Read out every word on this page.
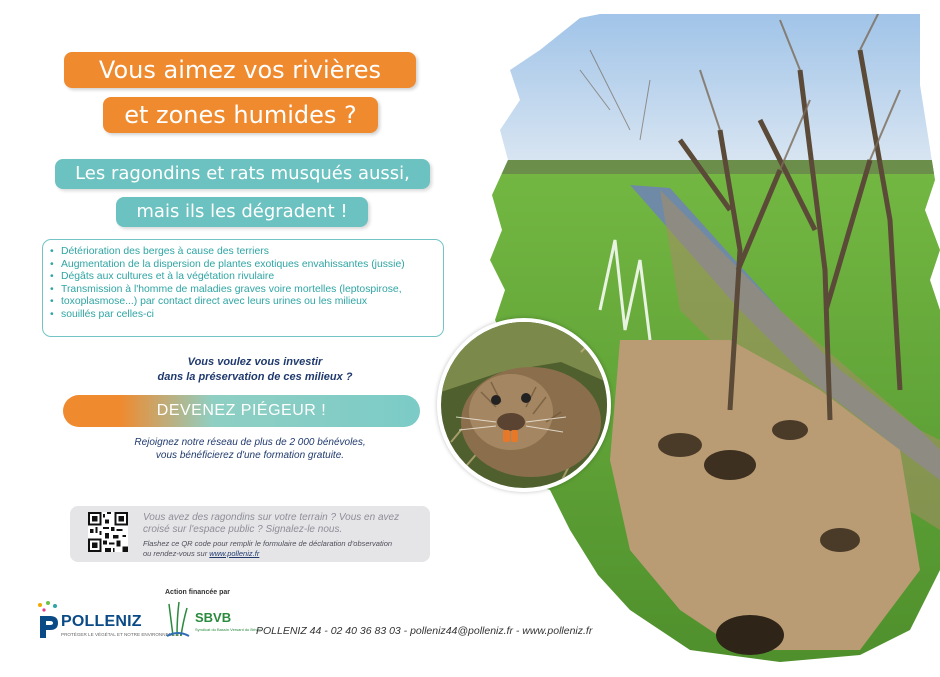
Vous aimez vos rivières
et zones humides ?
Les ragondins et rats musqués aussi,
mais ils les dégradent !
• Détérioration des berges à cause des terriers
• Augmentation de la dispersion de plantes exotiques envahissantes (jussie)
• Dégâts aux cultures et à la végétation rivulaire
• Transmission à l'homme de maladies graves voire mortelles (leptospirose,
• toxoplasmose...) par contact direct avec leurs urines ou les milieux
• souillés par celles-ci
Vous voulez vous investir
dans la préservation de ces milieux ?
DEVENEZ PIÉGEUR !
Rejoignez notre réseau de plus de 2 000 bénévoles,
vous bénéficierez d'une formation gratuite.
Vous avez des ragondins sur votre terrain ? Vous en avez
croisé sur l'espace public ? Signalez-le nous.
Flashez ce QR code pour remplir le formulaire de déclaration d'observation
ou rendez-vous sur www.polleniz.fr
POLLENIZ
PROTÉGER LE VÉGÉTAL ET NOTRE ENVIRONNEMENT
Action financée par
SBVB
Syndicat du Bassin Versant du Brivet
POLLENIZ 44 - 02 40 36 83 03 - polleniz44@polleniz.fr - www.polleniz.fr
